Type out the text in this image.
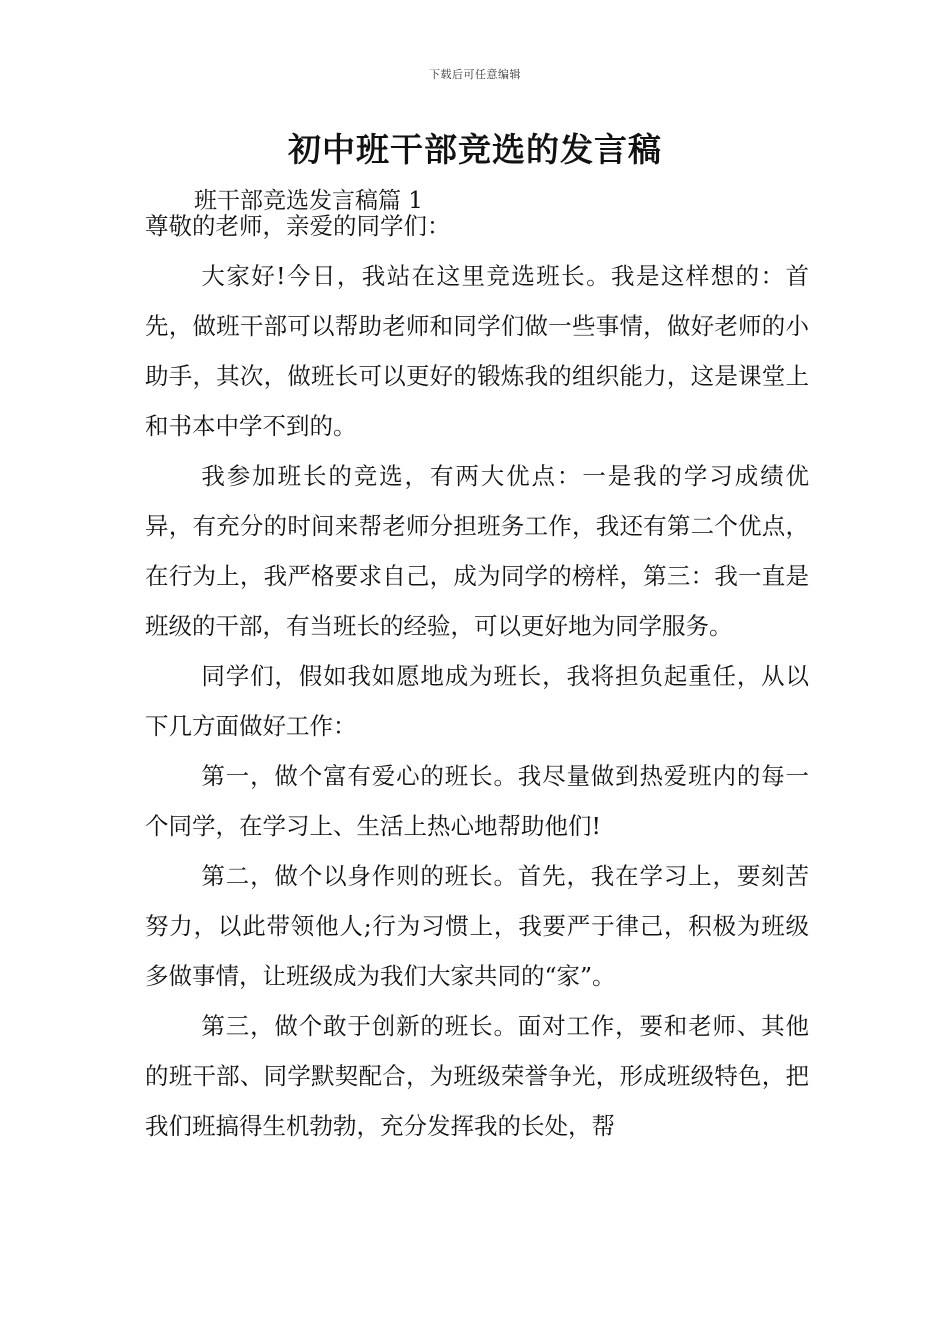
下载后可任意编辑
初中班干部竞选的发言稿
班干部竞选发言稿篇 1

尊敬的老师，亲爱的同学们：

大家好!今日，我站在这里竞选班长。我是这样想的：首先，做班干部可以帮助老师和同学们做一些事情，做好老师的小助手，其次，做班长可以更好的锻炼我的组织能力，这是课堂上和书本中学不到的。

我参加班长的竞选，有两大优点：一是我的学习成绩优异，有充分的时间来帮老师分担班务工作，我还有第二个优点，在行为上，我严格要求自己，成为同学的榜样，第三：我一直是班级的干部，有当班长的经验，可以更好地为同学服务。

同学们，假如我如愿地成为班长，我将担负起重任，从以下几方面做好工作：

第一，做个富有爱心的班长。我尽量做到热爱班内的每一个同学，在学习上、生活上热心地帮助他们!

第二，做个以身作则的班长。首先，我在学习上，要刻苦努力，以此带领他人;行为习惯上，我要严于律己，积极为班级多做事情，让班级成为我们大家共同的“家”。

第三，做个敢于创新的班长。面对工作，要和老师、其他的班干部、同学默契配合，为班级荣誉争光，形成班级特色，把我们班搞得生机勃勃，充分发挥我的长处，帮
